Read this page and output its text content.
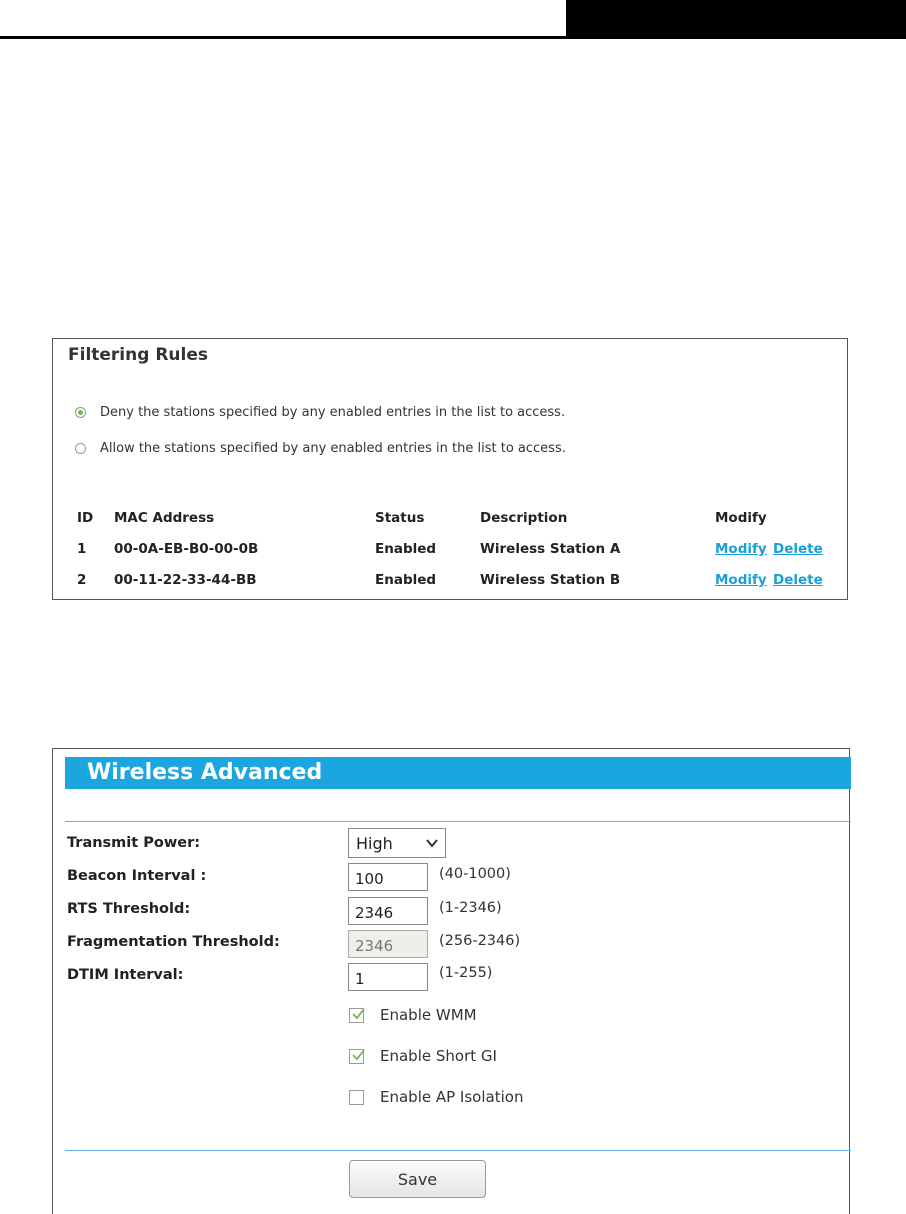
Filtering Rules
Deny the stations specified by any enabled entries in the list to access.
Allow the stations specified by any enabled entries in the list to access.
ID MAC Address	Status	Description	Modify
1 00-0A-EB-B0-00-0B	Enabled	Wireless Station A	Modify Delete
2 00-11-22-33-44-BB	Enabled	Wireless Station B	Modify Delete
Wireless Advanced
Transmit Power:	High
Beacon Interval :	100	(40-1000)
RTS Threshold:	2346	(1-2346)
Fragmentation Threshold:	2346	(256-2346)
DTIM Interval:	1	(1-255)
Enable WMM
Enable Short GI
Enable AP Isolation
Save
